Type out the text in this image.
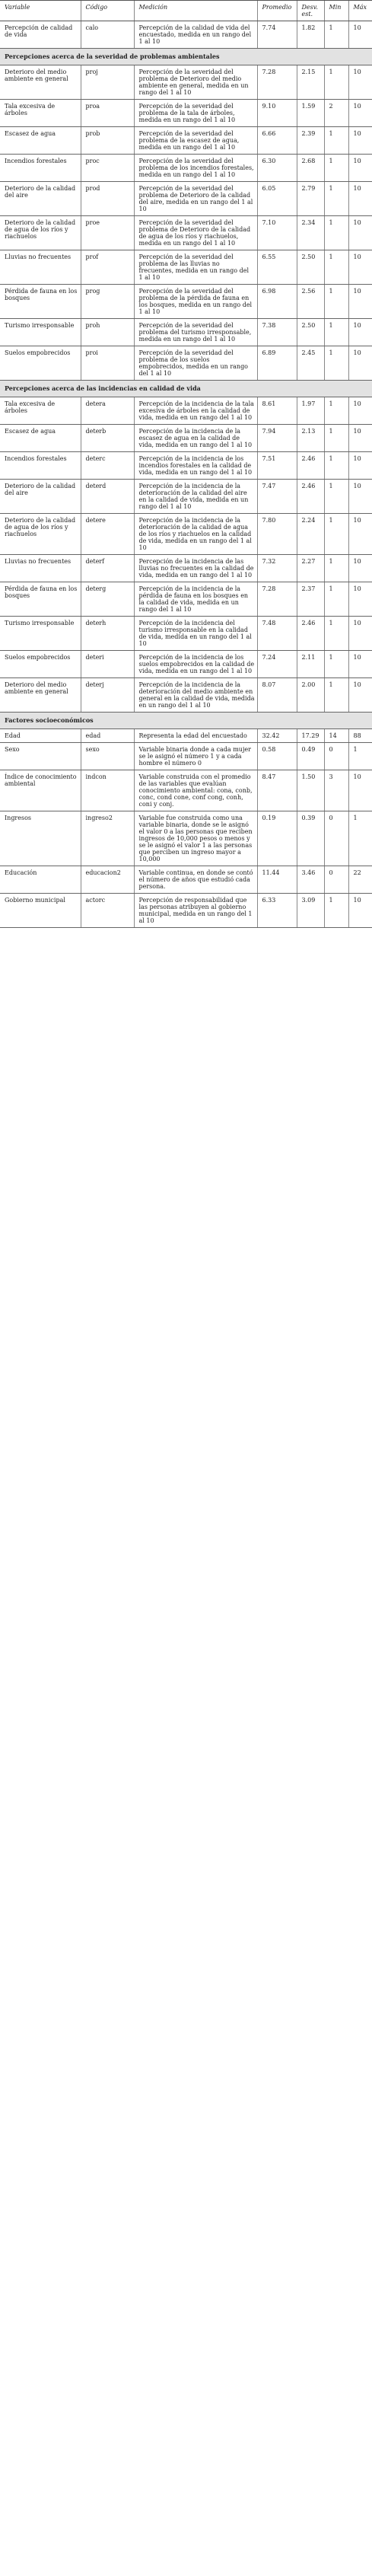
Variable	Código	Medición	Promedio	Desv. est.	Min	Máx
Percepción de calidad de vida	calo	Percepción de la calidad de vida del encuestado, medida en un rango del 1 al 10	7.74	1.82	1	10
Percepciones acerca de la severidad de problemas ambientales						
Deterioro del medio ambiente en general	proj	Percepción de la severidad del problema de Deterioro del medio ambiente en general, medida en un rango del 1 al 10	7.28	2.15	1	10
Tala excesiva de árboles	proa	Percepción de la severidad del problema de la tala de árboles, medida en un rango del 1 al 10	9.10	1.59	2	10
Escasez de agua	prob	Percepción de la severidad del problema de la escasez de agua, medida en un rango del 1 al 10	6.66	2.39	1	10
Incendios forestales	proc	Percepción de la severidad del problema de los incendios forestales, medida en un rango del 1 al 10	6.30	2.68	1	10
Deterioro de la calidad del aire	prod	Percepción de la severidad del problema de Deterioro de la calidad del aire, medida en un rango del 1 al 10	6.05	2.79	1	10
Deterioro de la calidad de agua de los ríos y riachuelos	proe	Percepción de la severidad del problema de Deterioro de la calidad de agua de los ríos y riachuelos, medida en un rango del 1 al 10	7.10	2.34	1	10
Lluvias no frecuentes	prof	Percepción de la severidad del problema de las lluvias no frecuentes, medida en un rango del 1 al 10	6.55	2.50	1	10
Pérdida de fauna en los bosques	prog	Percepción de la severidad del problema de la pérdida de fauna en los bosques, medida en un rango del 1 al 10	6.98	2.56	1	10
Turismo irresponsable	proh	Percepción de la severidad del problema del turismo irresponsable, medida en un rango del 1 al 10	7.38	2.50	1	10
Suelos empobrecidos	proi	Percepción de la severidad del problema de los suelos empobrecidos, medida en un rango del 1 al 10	6.89	2.45	1	10
Percepciones acerca de las incidencias en calidad de vida						
Tala excesiva de árboles	detera	Percepción de la incidencia de la tala excesiva de árboles en la calidad de vida, medida en un rango del 1 al 10	8.61	1.97	1	10
Escasez de agua	deterb	Percepción de la incidencia de la escasez de agua en la calidad de vida, medida en un rango del 1 al 10	7.94	2.13	1	10
Incendios forestales	deterc	Percepción de la incidencia de los incendios forestales en la calidad de vida, medida en un rango del 1 al 10	7.51	2.46	1	10
Deterioro de la calidad del aire	deterd	Percepción de la incidencia de la deterioración de la calidad del aire en la calidad de vida, medida en un rango del 1 al 10	7.47	2.46	1	10
Deterioro de la calidad de agua de los ríos y riachuelos	detere	Percepción de la incidencia de la deterioración de la calidad de agua de los ríos y riachuelos en la calidad de vida, medida en un rango del 1 al 10	7.80	2.24	1	10
Lluvias no frecuentes	deterf	Percepción de la incidencia de las lluvias no frecuentes en la calidad de vida, medida en un rango del 1 al 10	7.32	2.27	1	10
Pérdida de fauna en los bosques	deterg	Percepción de la incidencia de la pérdida de fauna en los bosques en la calidad de vida, medida en un rango del 1 al 10	7.28	2.37	1	10
Turismo irresponsable	deterh	Percepción de la incidencia del turismo irresponsable en la calidad de vida, medida en un rango del 1 al 10	7.48	2.46	1	10
Suelos empobrecidos	deteri	Percepción de la incidencia de los suelos empobrecidos en la calidad de vida, medida en un rango del 1 al 10	7.24	2.11	1	10
Deterioro del medio ambiente en general	deterj	Percepción de la incidencia de la deterioración del medio ambiente en general en la calidad de vida, medida en un rango del 1 al 10	8.07	2.00	1	10
Factores socioeconómicos						
Edad	edad	Representa la edad del encuestado	32.42	17.29	14	88
Sexo	sexo	Variable binaria donde a cada mujer se le asignó el número 1 y a cada hombre el número 0	0.58	0.49	0	1
Índice de conocimiento ambiental	indcon	Variable construida con el promedio de las variables que evalúan conocimiento ambiental: cona, conb, conc, cond cone, conf cong, conh, coni y conj.	8.47	1.50	3	10
Ingresos	ingreso2	Variable fue construida como una variable binaria, donde se le asignó el valor 0 a las personas que reciben ingresos de 10,000 pesos o menos y se le asignó el valor 1 a las personas que perciben un ingreso mayor a 10,000	0.19	0.39	0	1
Educación	educacion2	Variable continua, en donde se contó el número de años que estudió cada persona.	11.44	3.46	0	22
Gobierno municipal	actorc	Percepción de responsabilidad que las personas atribuyen al gobierno municipal, medida en un rango del 1 al 10	6.33	3.09	1	10
